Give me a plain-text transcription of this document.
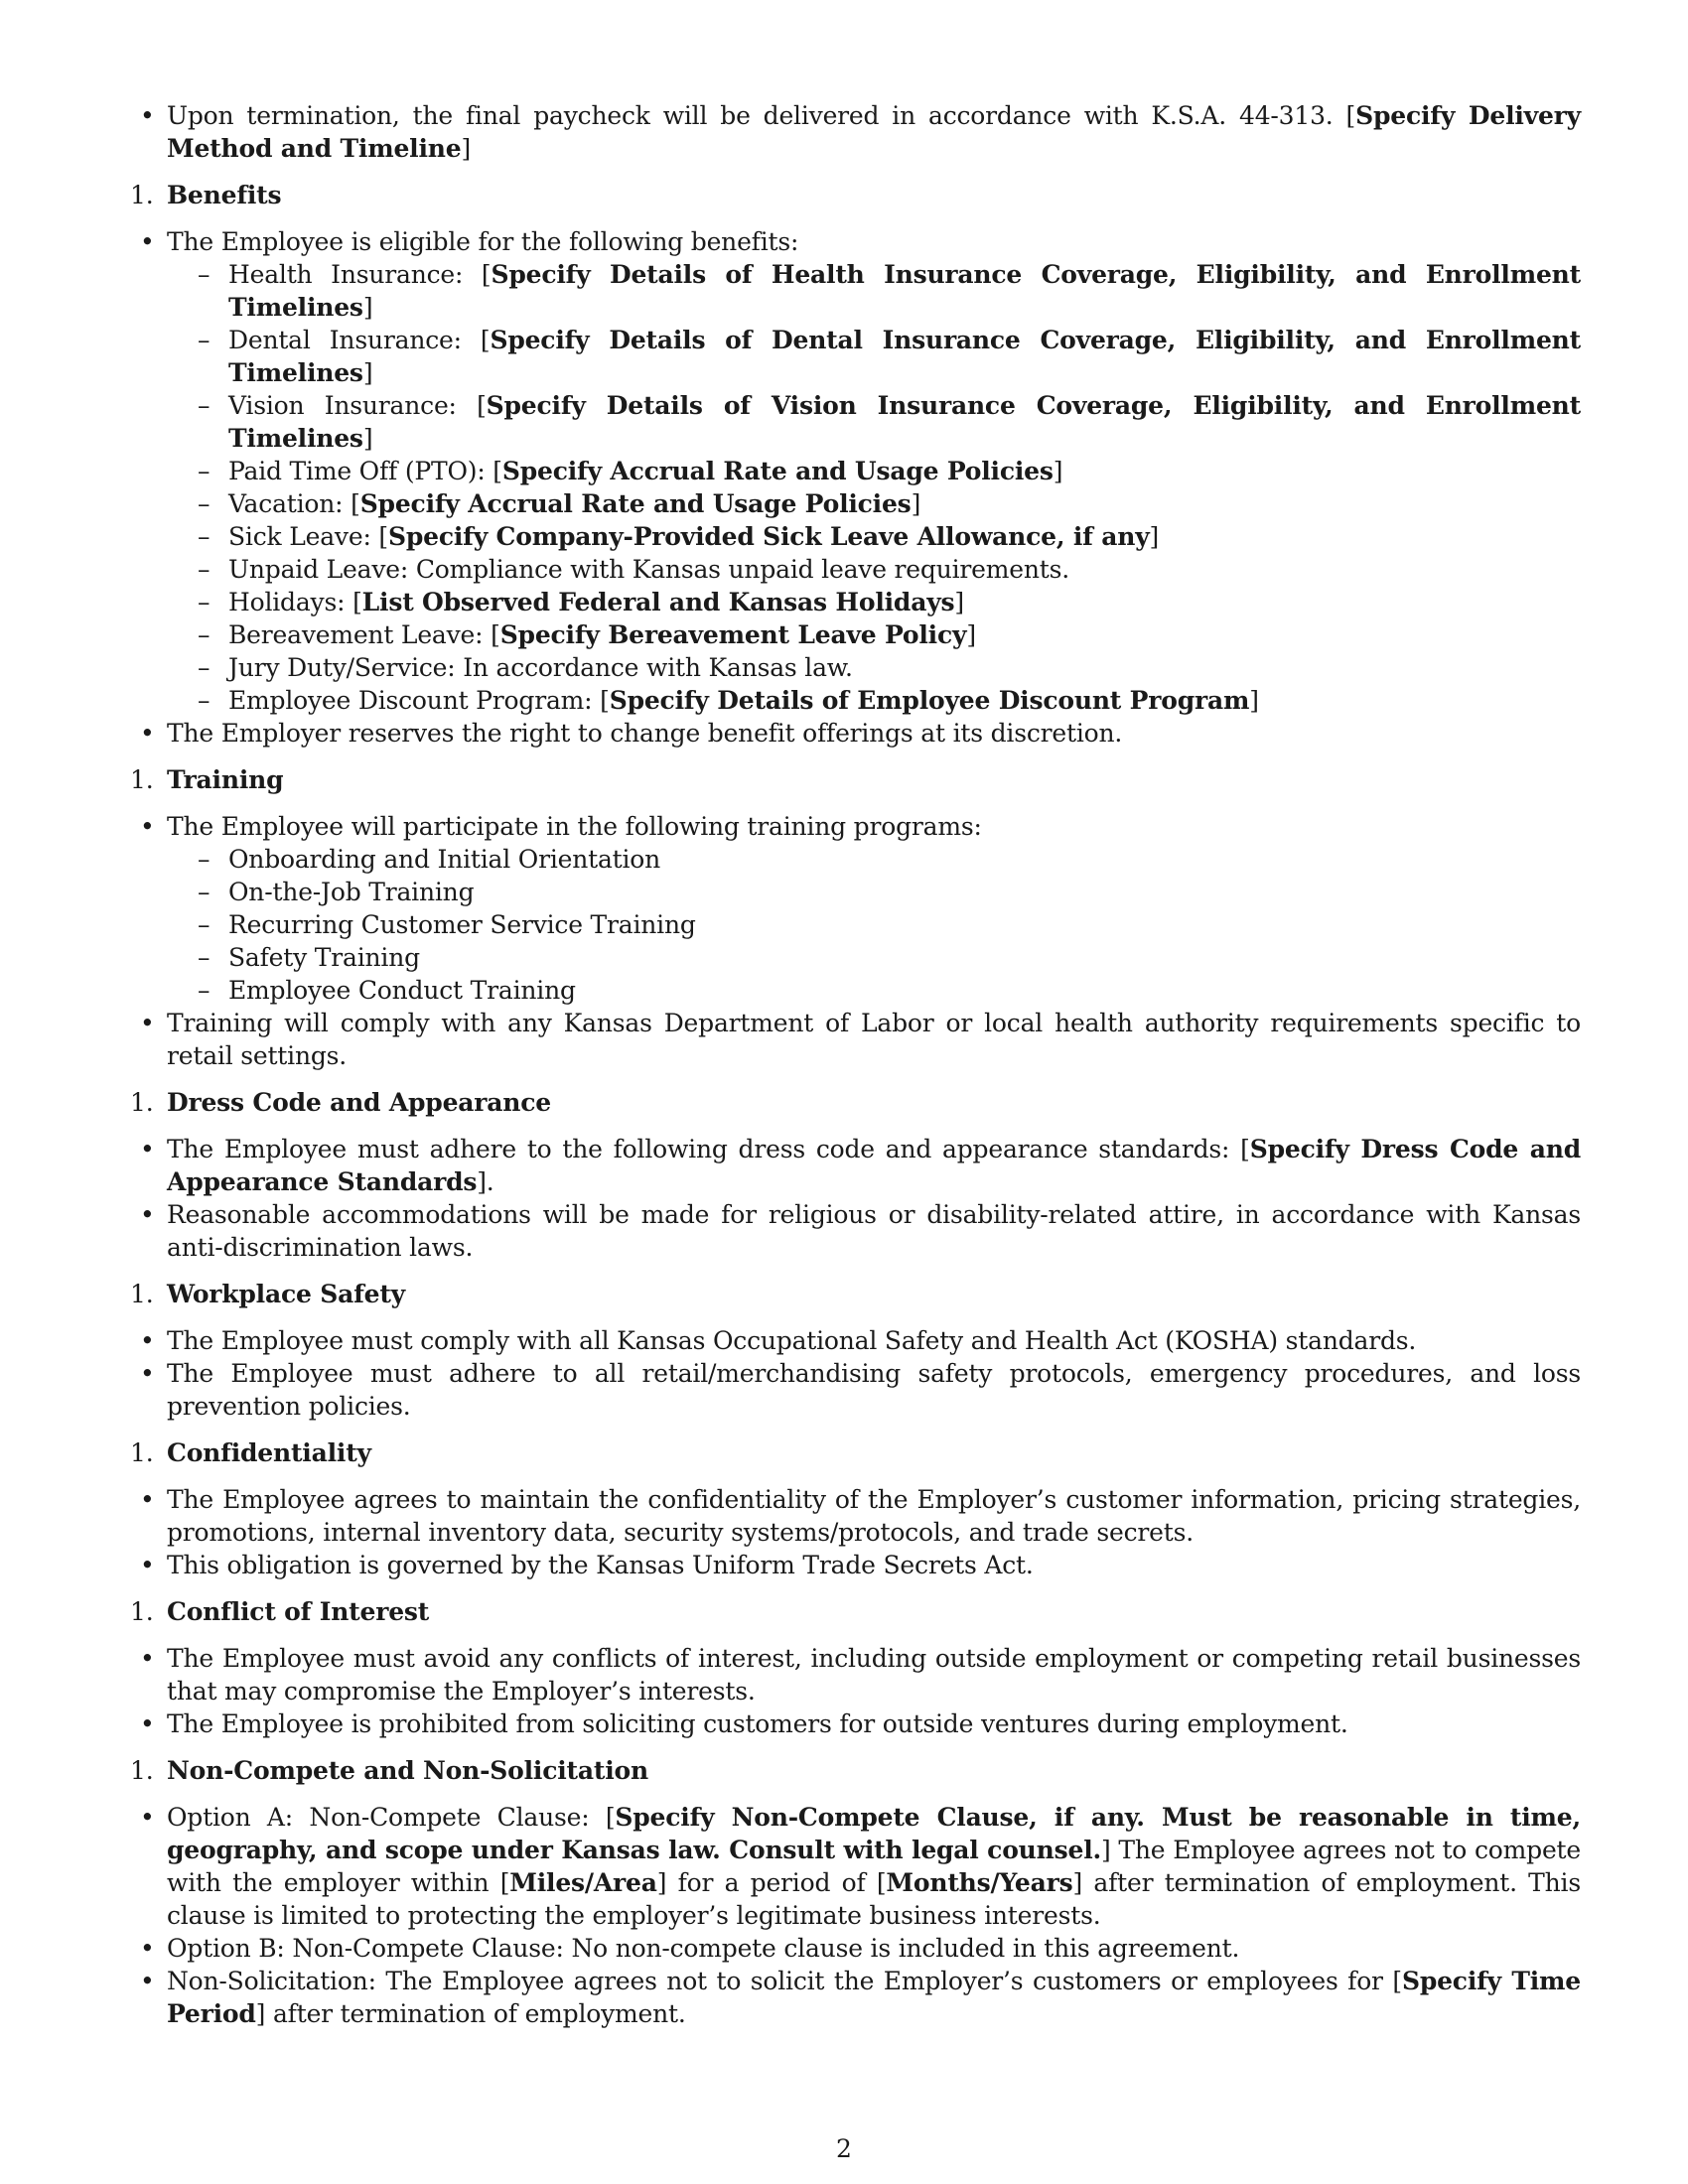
• Upon termination, the final paycheck will be delivered in accordance with K.S.A. 44-313. [Specify Delivery Method and Timeline]
1. Benefits
• The Employee is eligible for the following benefits:
– Health Insurance: [Specify Details of Health Insurance Coverage, Eligibility, and Enrollment Timelines]
– Dental Insurance: [Specify Details of Dental Insurance Coverage, Eligibility, and Enrollment Timelines]
– Vision Insurance: [Specify Details of Vision Insurance Coverage, Eligibility, and Enrollment Timelines]
– Paid Time Off (PTO): [Specify Accrual Rate and Usage Policies]
– Vacation: [Specify Accrual Rate and Usage Policies]
– Sick Leave: [Specify Company-Provided Sick Leave Allowance, if any]
– Unpaid Leave: Compliance with Kansas unpaid leave requirements.
– Holidays: [List Observed Federal and Kansas Holidays]
– Bereavement Leave: [Specify Bereavement Leave Policy]
– Jury Duty/Service: In accordance with Kansas law.
– Employee Discount Program: [Specify Details of Employee Discount Program]
• The Employer reserves the right to change benefit offerings at its discretion.
1. Training
• The Employee will participate in the following training programs:
– Onboarding and Initial Orientation
– On-the-Job Training
– Recurring Customer Service Training
– Safety Training
– Employee Conduct Training
• Training will comply with any Kansas Department of Labor or local health authority requirements specific to retail settings.
1. Dress Code and Appearance
• The Employee must adhere to the following dress code and appearance standards: [Specify Dress Code and Appearance Standards].
• Reasonable accommodations will be made for religious or disability-related attire, in accordance with Kansas anti-discrimination laws.
1. Workplace Safety
• The Employee must comply with all Kansas Occupational Safety and Health Act (KOSHA) standards.
• The Employee must adhere to all retail/merchandising safety protocols, emergency procedures, and loss prevention policies.
1. Confidentiality
• The Employee agrees to maintain the confidentiality of the Employer’s customer information, pricing strategies, promotions, internal inventory data, security systems/protocols, and trade secrets.
• This obligation is governed by the Kansas Uniform Trade Secrets Act.
1. Conflict of Interest
• The Employee must avoid any conflicts of interest, including outside employment or competing retail businesses that may compromise the Employer’s interests.
• The Employee is prohibited from soliciting customers for outside ventures during employment.
1. Non-Compete and Non-Solicitation
• Option A: Non-Compete Clause: [Specify Non-Compete Clause, if any. Must be reasonable in time, geography, and scope under Kansas law. Consult with legal counsel.] The Employee agrees not to compete with the employer within [Miles/Area] for a period of [Months/Years] after termination of employment. This clause is limited to protecting the employer’s legitimate business interests.
• Option B: Non-Compete Clause: No non-compete clause is included in this agreement.
• Non-Solicitation: The Employee agrees not to solicit the Employer’s customers or employees for [Specify Time Period] after termination of employment.
2
